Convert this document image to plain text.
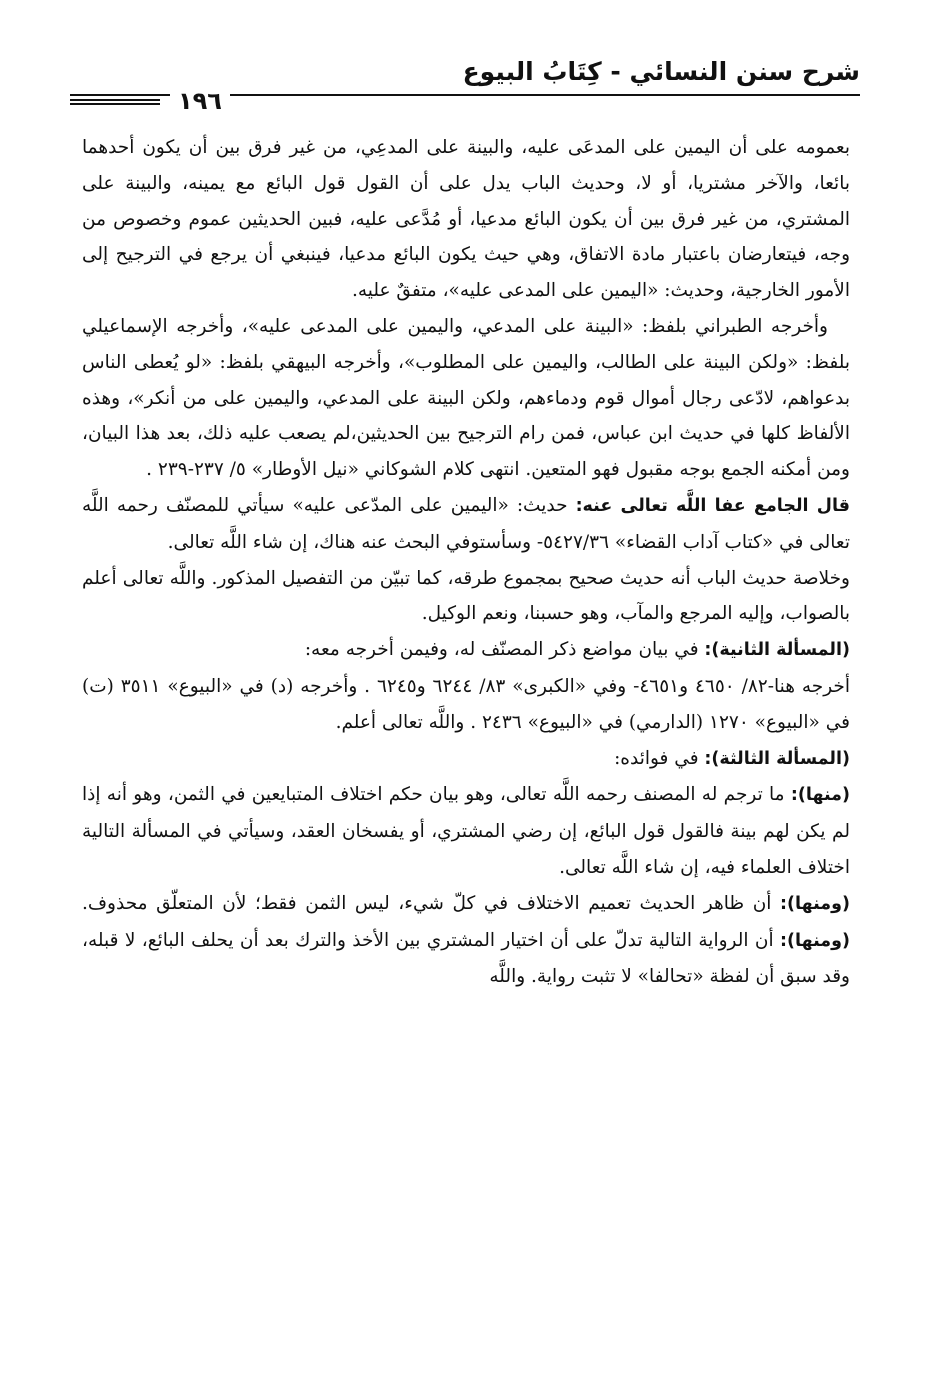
شرح سنن النسائي - كِتَابُ البيوع
١٩٦

بعمومه على أن اليمين على المدعَى عليه، والبينة على المدعِي، من غير فرق بين أن يكون أحدهما بائعا، والآخر مشتريا، أو لا، وحديث الباب يدل على أن القول قول البائع مع يمينه، والبينة على المشتري، من غير فرق بين أن يكون البائع مدعيا، أو مُدَّعى عليه، فبين الحديثين عموم وخصوص من وجه، فيتعارضان باعتبار مادة الاتفاق، وهي حيث يكون البائع مدعيا، فينبغي أن يرجع في الترجيح إلى الأمور الخارجية، وحديث: «اليمين على المدعى عليه»، متفقٌ عليه.

وأخرجه الطبراني بلفظ: «البينة على المدعي، واليمين على المدعى عليه»، وأخرجه الإسماعيلي بلفظ: «ولكن البينة على الطالب، واليمين على المطلوب»، وأخرجه البيهقي بلفظ: «لو يُعطى الناس بدعواهم، لادّعى رجال أموال قوم ودماءهم، ولكن البينة على المدعي، واليمين على من أنكر»، وهذه الألفاظ كلها في حديث ابن عباس، فمن رام الترجيح بين الحديثين،لم يصعب عليه ذلك، بعد هذا البيان، ومن أمكنه الجمع بوجه مقبول فهو المتعين. انتهى كلام الشوكاني «نيل الأوطار» ٥/ ٢٣٧-٢٣٩ .

قال الجامع عفا اللَّه تعالى عنه: حديث: «اليمين على المدّعى عليه» سيأتي للمصنّف رحمه اللَّه تعالى في «كتاب آداب القضاء» ٥٤٢٧/٣٦- وسأستوفي البحث عنه هناك، إن شاء اللَّه تعالى.

وخلاصة حديث الباب أنه حديث صحيح بمجموع طرقه، كما تبيّن من التفصيل المذكور. واللَّه تعالى أعلم بالصواب، وإليه المرجع والمآب، وهو حسبنا، ونعم الوكيل.

(المسألة الثانية): في بيان مواضع ذكر المصنّف له، وفيمن أخرجه معه:

أخرجه هنا-٨٢/ ٤٦٥٠ و٤٦٥١- وفي «الكبرى» ٨٣/ ٦٢٤٤ و٦٢٤٥ . وأخرجه (د) في «البيوع» ٣٥١١ (ت) في «البيوع» ١٢٧٠ (الدارمي) في «البيوع» ٢٤٣٦ . واللَّه تعالى أعلم.

(المسألة الثالثة): في فوائده:

(منها): ما ترجم له المصنف رحمه اللَّه تعالى، وهو بيان حكم اختلاف المتبايعين في الثمن، وهو أنه إذا لم يكن لهم بينة فالقول قول البائع، إن رضي المشتري، أو يفسخان العقد، وسيأتي في المسألة التالية اختلاف العلماء فيه، إن شاء اللَّه تعالى.

(ومنها): أن ظاهر الحديث تعميم الاختلاف في كلّ شيء، ليس الثمن فقط؛ لأن المتعلّق محذوف. (ومنها): أن الرواية التالية تدلّ على أن اختيار المشتري بين الأخذ والترك بعد أن يحلف البائع، لا قبله، وقد سبق أن لفظة «تحالفا» لا تثبت رواية. واللَّه
